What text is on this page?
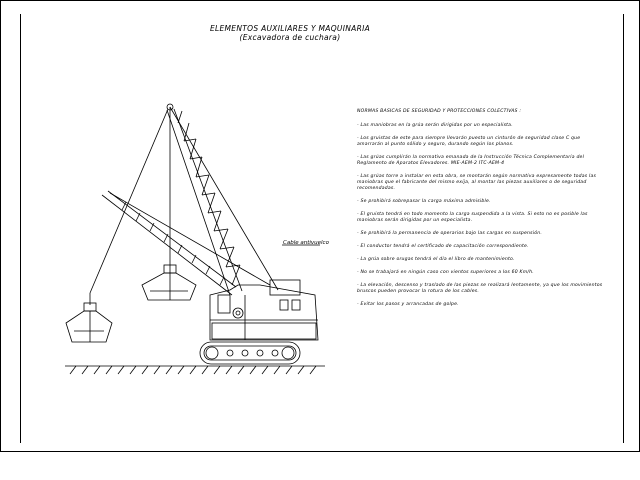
ELEMENTOS AUXILIARES Y MAQUINARIA
(Excavadora de cuchara)
Cable antivuelco
NORMAS BASICAS DE SEGURIDAD Y PROTECCIONES COLECTIVAS :
- Las maniobras en la grúa serán dirigidas por un especialista.
- Los gruistas de este para siempre llevarán puesto un cinturón de seguridad clase C que amarrarán al punto sólido y seguro, durando según los planos.
- Las grúas cumplirán la normativa emanada de la Instrucción Técnica Complementaria del Reglamento de Aparatos Elevadores. MIE-AEM-2 ITC-AEM-4
- Las grúas torre a instalar en esta obra, se montarán según normativa expresamente todas las maniobras que el fabricante del mismo exija, al montar las piezas auxiliares o de seguridad recomendadas.
- Se prohibirá sobrepasar la carga máxima admisible.
- El gruista tendrá en todo momento la carga suspendida a la vista. Si esto no es posible las maniobras serán dirigidas por un especialista.
- Se prohibirá la permanencia de operarios bajo las cargas en suspensión.
- El conductor tendrá el certificado de capacitación correspondiente.
- La grúa sobre orugas tendrá el día el libro de mantenimiento.
- No se trabajará en ningún caso con vientos superiores a los 60 Km/h.
- La elevación, descenso y traslado de las piezas se realizará lentamente, ya que los movimientos bruscos pueden provocar la rotura de los cables.
- Evitar los pasos y arrancadas de golpe.
